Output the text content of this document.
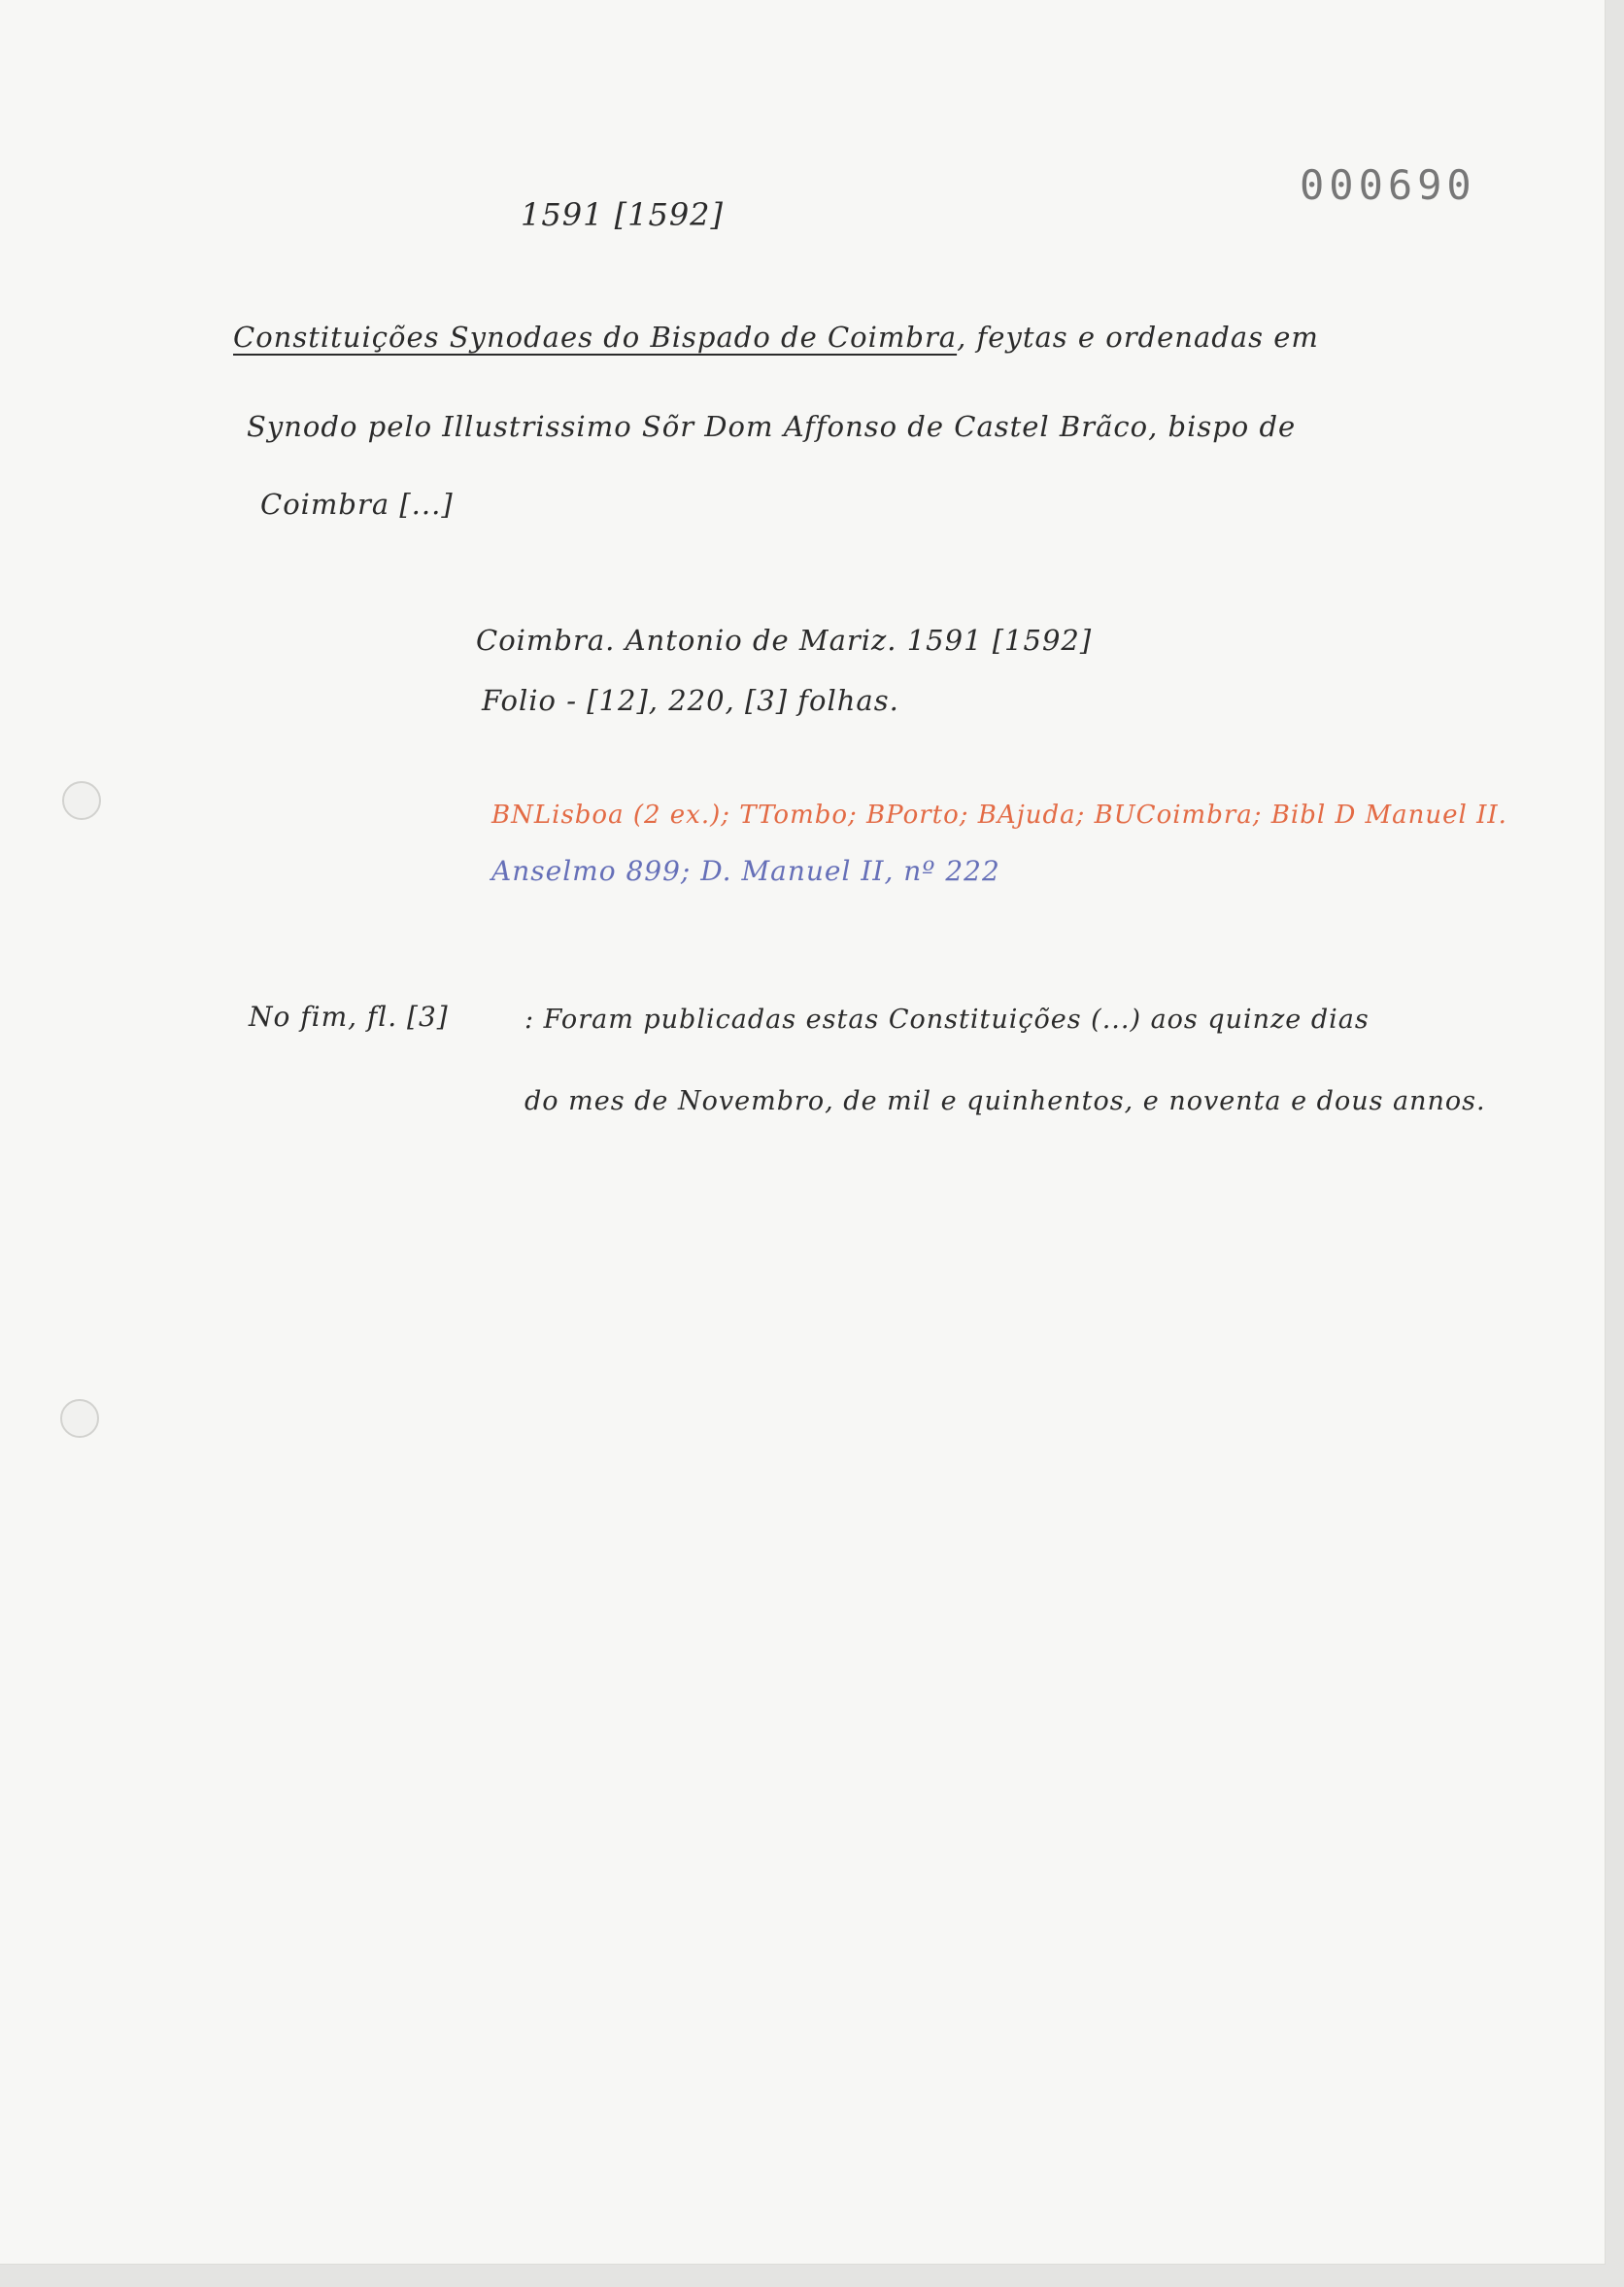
000690
1591 [1592]
Constituições Synodaes do Bispado de Coimbra, feytas e ordenadas em
Synodo pelo Illustrissimo Sõr Dom Affonso de Castel Brãco, bispo de
Coimbra [...]
Coimbra. Antonio de Mariz. 1591 [1592]
Folio - [12], 220, [3] folhas.
BNLisboa (2 ex.); TTombo; BPorto; BAjuda; BUCoimbra; Bibl D Manuel II.
Anselmo 899; D. Manuel II, nº 222
No fim, fl. [3]	: Foram publicadas estas Constituições (...) aos quinze dias
do mes de Novembro, de mil e quinhentos, e noventa e dous annos.
